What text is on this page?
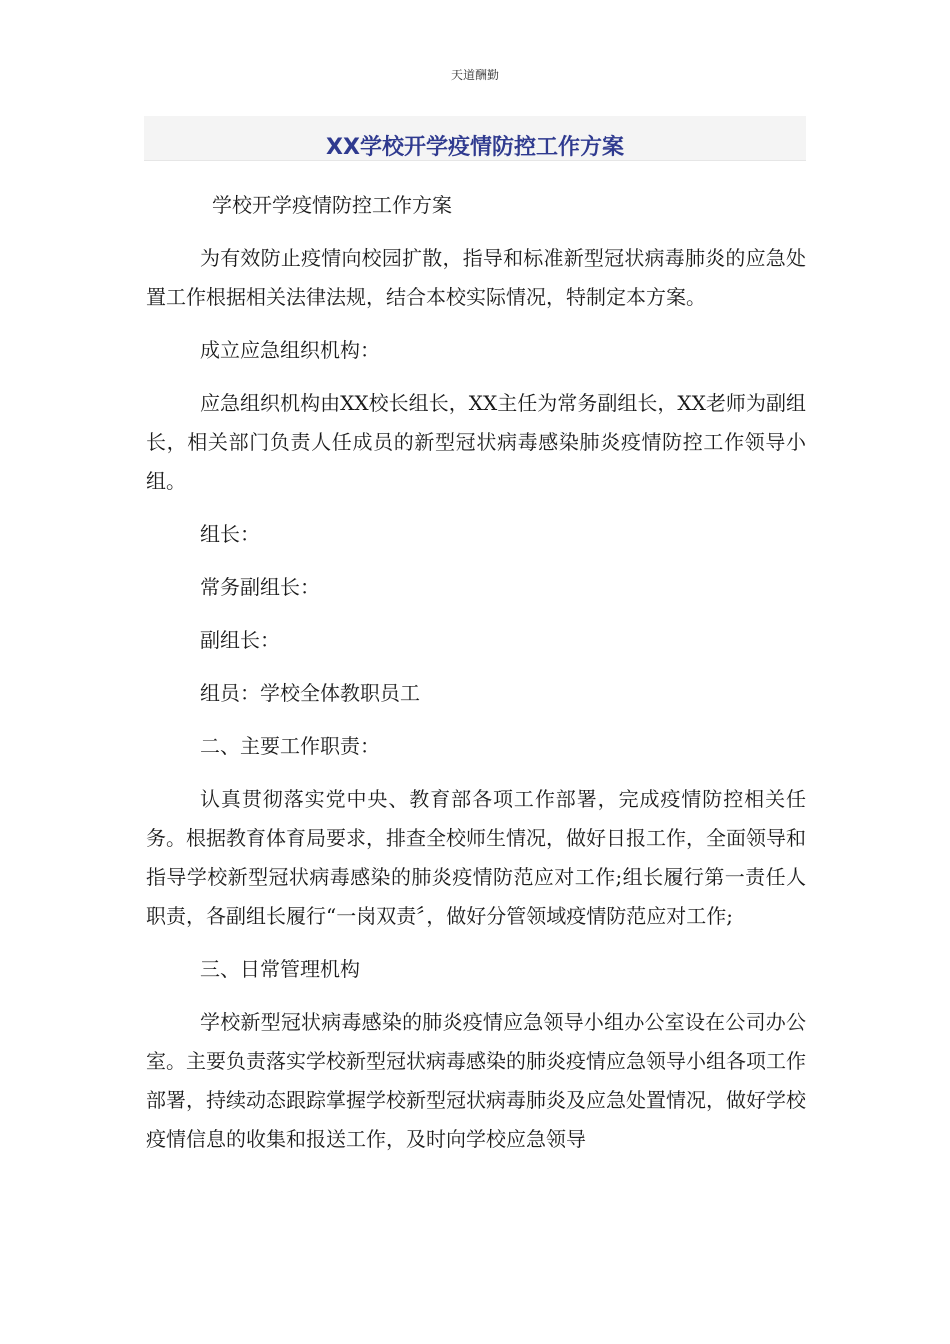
天道酬勤
XX学校开学疫情防控工作方案

学校开学疫情防控工作方案

为有效防止疫情向校园扩散，指导和标准新型冠状病毒肺炎的应急处置工作根据相关法律法规，结合本校实际情况，特制定本方案。

成立应急组织机构：

应急组织机构由XX校长组长，XX主任为常务副组长，XX老师为副组长，相关部门负责人任成员的新型冠状病毒感染肺炎疫情防控工作领导小组。

组长：

常务副组长：

副组长：

组员：学校全体教职员工

二、主要工作职责：

认真贯彻落实党中央、教育部各项工作部署，完成疫情防控相关任务。根据教育体育局要求，排查全校师生情况，做好日报工作，全面领导和指导学校新型冠状病毒感染的肺炎疫情防范应对工作;组长履行第一责任人职责，各副组长履行“一岗双责〞，做好分管领域疫情防范应对工作;

三、日常管理机构

学校新型冠状病毒感染的肺炎疫情应急领导小组办公室设在公司办公室。主要负责落实学校新型冠状病毒感染的肺炎疫情应急领导小组各项工作部署，持续动态跟踪掌握学校新型冠状病毒肺炎及应急处置情况，做好学校疫情信息的收集和报送工作，及时向学校应急领导
